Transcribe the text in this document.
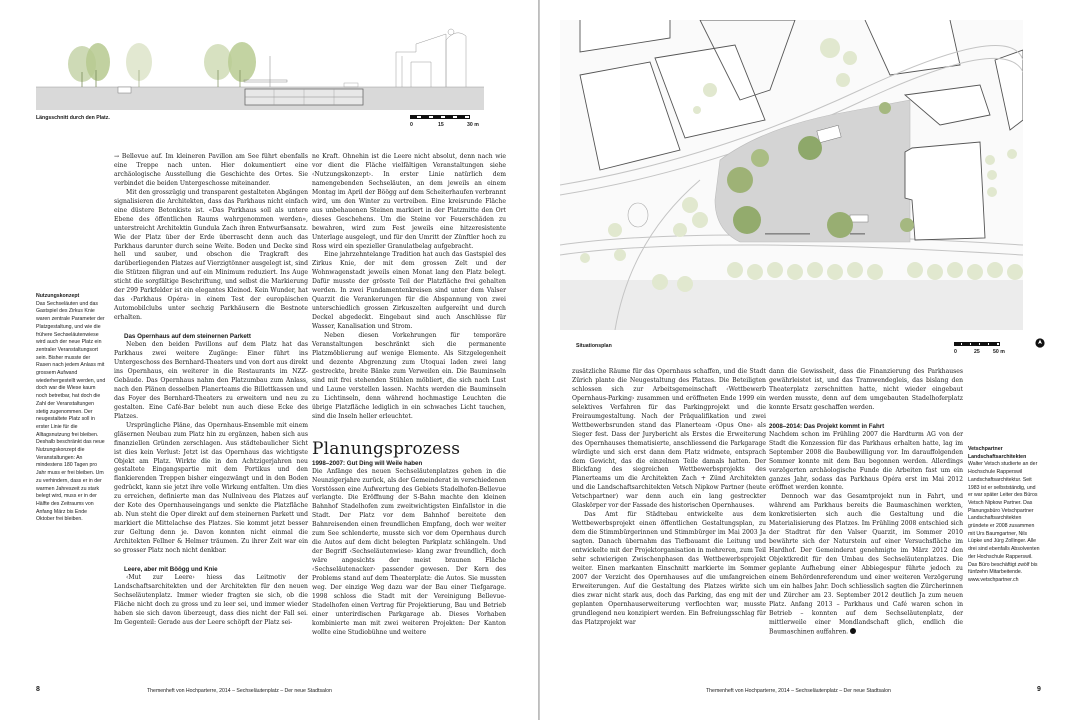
Längsschnitt durch den Platz.
0	15	30 m
Nutzungskonzept
Das Sechseläuten und das Gastspiel des Zirkus Knie waren zentrale Parameter der Platzgestaltung, und wie die frühere Sechseläutenwiese wird auch der neue Platz ein zentraler Veranstaltungsort sein. Bisher musste der Rasen nach jedem Anlass mit grossem Aufwand wiederhergestellt werden, und doch war die Wiese kaum noch betretbar, hat doch die Zahl der Veranstaltungen stetig zugenommen. Der neugestaltete Platz soll in erster Linie für die Alltagsnutzung frei bleiben. Deshalb beschränkt das neue Nutzungskonzept die Veranstaltungen: An mindestens 180 Tagen pro Jahr muss er frei bleiben. Um zu verhindern, dass er in der warmen Jahreszeit zu stark belegt wird, muss er in der Hälfte des Zeitraums von Anfang März bis Ende Oktober frei bleiben.

→ Bellevue auf. Im kleineren Pavillon am See führt ebenfalls eine Treppe nach unten. Hier dokumentiert eine archäologische Ausstellung die Geschichte des Ortes. Sie verbindet die beiden Untergeschosse miteinander.

Mit den grosszügig und transparent gestalteten Abgängen signalisieren die Architekten, dass das Parkhaus nicht einfach eine düstere Betonkiste ist. «Das Parkhaus soll als untere Ebene des öffentlichen Raums wahrgenommen werden», unterstreicht Architektin Gundula Zach ihren Entwurfsansatz. Wie der Platz über der Erde überrascht denn auch das Parkhaus darunter durch seine Weite. Boden und Decke sind hell und sauber, und obschon die Tragkraft des darüberliegenden Platzes auf Vierzigtönner ausgelegt ist, sind die Stützen filigran und auf ein Minimum reduziert. Ins Auge sticht die sorgfältige Beschriftung, und selbst die Markierung der 299 Parkfelder ist ein elegantes Kleinod. Kein Wunder, hat das ‹Parkhaus Opéra› in einem Test der europäischen Automobilclubs unter sechzig Parkhäusern die Bestnote erhalten.

Das Opernhaus auf dem steinernen Parkett

Neben den beiden Pavillons auf dem Platz hat das Parkhaus zwei weitere Zugänge: Einer führt ins Untergeschoss des Bernhard-Theaters und von dort aus direkt ins Opernhaus, ein weiterer in die Restaurants im NZZ-Gebäude. Das Opernhaus nahm den Platzumbau zum Anlass, nach den Plänen desselben Planerteams die Billettkassen und das Foyer des Bernhard-Theaters zu erweitern und neu zu gestalten. Eine Café-Bar belebt nun auch diese Ecke des Platzes.

Ursprüngliche Pläne, das Opernhaus-Ensemble mit einem gläsernen Neubau zum Platz hin zu ergänzen, haben sich aus finanziellen Gründen zerschlagen. Aus städtebaulicher Sicht ist dies kein Verlust: Jetzt ist das Opernhaus das wichtigste Objekt am Platz. Wirkte die in den Achtzigerjahren neu gestaltete Eingangspartie mit dem Portikus und den flankierenden Treppen bisher eingezwängt und in den Boden gedrückt, kann sie jetzt ihre volle Wirkung entfalten. Um dies zu erreichen, definierte man das Nullniveau des Platzes auf der Kote des Opernhauseingangs und senkte die Platzfläche ab. Nun steht die Oper direkt auf dem steinernen Parkett und markiert die Mittelachse des Platzes. Sie kommt jetzt besser zur Geltung denn je. Davon konnten nicht einmal die Architekten Fellner & Helmer träumen. Zu ihrer Zeit war ein so grosser Platz noch nicht denkbar.

Leere, aber mit Böögg und Knie

‹Mut zur Leere› hiess das Leitmotiv der Landschaftsarchitekten und der Architekten für den neuen Sechseläutenplatz. Immer wieder fragten sie sich, ob die Fläche nicht doch zu gross und zu leer sei, und immer wieder haben sie sich davon überzeugt, dass dies nicht der Fall sei. Im Gegenteil: Gerade aus der Leere schöpft der Platz sei-

ne Kraft. Ohnehin ist die Leere nicht absolut, denn nach wie vor dient die Fläche vielfältigen Veranstaltungen siehe ‹Nutzungskonzept›. In erster Linie natürlich dem namengebenden Sechseläuten, an dem jeweils an einem Montag im April der Böögg auf dem Scheiterhaufen verbrannt wird, um den Winter zu vertreiben. Eine kreisrunde Fläche aus unbehauenen Steinen markiert in der Platzmitte den Ort dieses Geschehens. Um die Steine vor Feuerschäden zu bewahren, wird zum Fest jeweils eine hitzeresistente Unterlage ausgelegt, und für den Umritt der Zünftler hoch zu Ross wird ein spezieller Granulatbelag aufgebracht.

Eine jahrzehntelange Tradition hat auch das Gastspiel des Zirkus Knie, der mit dem grossen Zelt und der Wohnwagenstadt jeweils einen Monat lang den Platz belegt. Dafür musste der grösste Teil der Platzfläche frei gehalten werden. In zwei Fundamentenkreisen sind unter dem Valser Quarzit die Verankerungen für die Abspannung von zwei unterschiedlich grossen Zirkuszelten aufgereiht und durch Deckel abgedeckt. Eingebaut sind auch Anschlüsse für Wasser, Kanalisation und Strom.

Neben diesen Vorkehrungen für temporäre Veranstaltungen beschränkt sich die permanente Platzmöblierung auf wenige Elemente. Als Sitzgelegenheit und dezente Abgrenzung zum Utoquai laden zwei lang gestreckte, breite Bänke zum Verweilen ein. Die Bauminseln sind mit frei stehenden Stühlen möbliert, die sich nach Lust und Laune verstellen lassen. Nachts werden die Bauminseln zu Lichtinseln, denn während hochmastige Leuchten die übrige Platzfläche lediglich in ein schwaches Licht tauchen, sind die Inseln heller erleuchtet.

Planungsprozess
1998–2007: Gut Ding will Weile haben

Die Anfänge des neuen Sechseläutenplatzes gehen in die Neunzigerjahre zurück, als der Gemeinderat in verschiedenen Vorstössen eine Aufwertung des Gebiets Stadelhofen-Bellevue verlangte. Die Eröffnung der S-Bahn machte den kleinen Bahnhof Stadelhofen zum zweitwichtigsten Einfallstor in die Stadt. Der Platz vor dem Bahnhof bereitete den Bahnreisenden einen freundlichen Empfang, doch wer weiter zum See schlenderte, musste sich vor dem Opernhaus durch die Autos auf dem dicht belegten Parkplatz schlängeln. Und der Begriff ‹Sechseläutenwiese› klang zwar freundlich, doch wäre angesichts der meist braunen Fläche ‹Sechseläutenacker› passender gewesen. Der Kern des Problems stand auf dem Theaterplatz: die Autos. Sie mussten weg. Der einzige Weg dazu war der Bau einer Tiefgarage. 1998 schloss die Stadt mit der Vereinigung Bellevue-Stadelhofen einen Vertrag für Projektierung, Bau und Betrieb einer unterirdischen Parkgarage ab. Dieses Vorhaben kombinierte man mit zwei weiteren Projekten: Der Kanton wollte eine Studiobühne und weitere

8	Themenheft von Hochparterre, 2014 – Sechseläutenplatz – Der neue Stadtsalon
Situationsplan
0	25	50 m

zusätzliche Räume für das Opernhaus schaffen, und die Stadt Zürich plante die Neugestaltung des Platzes. Die Beteiligten schlossen sich zur Arbeitsgemeinschaft ‹Wettbewerb Opernhaus-Parking› zusammen und eröffneten Ende 1999 ein selektives Verfahren für das Parkingprojekt und die Freiraumgestaltung. Nach der Präqualifikation und zwei Wettbewerbsrunden stand das Planerteam ‹Opus One› als Sieger fest. Dass der Jurybericht als Erstes die Erweiterung des Opernhauses thematisierte, anschliessend die Parkgarage würdigte und sich erst dann dem Platz widmete, entsprach dem Gewicht, das die einzelnen Teile damals hatten. Der Blickfang des siegreichen Wettbewerbsprojekts des Planerteams um die Architekten Zach + Zünd Architekten und die Landschaftsarchitekten Vetsch Nipkow Partner (heute Vetschpartner) war denn auch ein lang gestreckter Glaskörper vor der Fassade des historischen Opernhauses.

Das Amt für Städtebau entwickelte aus dem Wettbewerbsprojekt einen öffentlichen Gestaltungsplan, zu dem die Stimmbürgerinnen und Stimmbürger im Mai 2003 Ja sagten. Danach übernahm das Tiefbauamt die Leitung und entwickelte mit der Projektorganisation in mehreren, zum Teil sehr schwierigen Zwischenphasen das Wettbewerbsprojekt weiter. Einen markanten Einschnitt markierte im Sommer 2007 der Verzicht des Opernhauses auf die umfangreichen Erweiterungen. Auf die Gestaltung des Platzes wirkte sich dies zwar nicht stark aus, doch das Parking, das eng mit der geplanten Opernhauserweiterung verflochten war, musste grundlegend neu konzipiert werden. Ein Befreiungsschlag für das Platzprojekt war

dann die Gewissheit, dass die Finanzierung des Parkhauses gewährleistet ist, und das Tramwendegleis, das bislang den Theaterplatz zerschnitten hatte, nicht wieder eingebaut werden musste, denn auf dem umgebauten Stadelhoferplatz konnte Ersatz geschaffen werden.

2008–2014: Das Projekt kommt in Fahrt

Nachdem schon im Frühling 2007 die Hardturm AG von der Stadt die Konzession für das Parkhaus erhalten hatte, lag im September 2008 die Baubewilligung vor. Im darauffolgenden Sommer konnte mit dem Bau begonnen werden. Allerdings verzögerten archäologische Funde die Arbeiten fast um ein ganzes Jahr, sodass das Parkhaus Opéra erst im Mai 2012 eröffnet werden konnte.

Dennoch war das Gesamtprojekt nun in Fahrt, und während am Parkhaus bereits die Baumaschinen werkten, konkretisierten sich auch die Gestaltung und die Materialisierung des Platzes. Im Frühling 2008 entschied sich der Stadtrat für den Valser Quarzit, im Sommer 2010 bewährte sich der Naturstein auf einer Versuchsfläche im Hardhof. Der Gemeinderat genehmigte im März 2012 den Objektkredit für den Umbau des Sechseläutenplatzes. Die geplante Aufhebung einer Abbiegespur führte jedoch zu einem Behördenreferendum und einer weiteren Verzögerung um ein halbes Jahr. Doch schliesslich sagten die Zürcherinnen und Zürcher am 23. September 2012 deutlich Ja zum neuen Platz. Anfang 2013 – Parkhaus und Café waren schon in Betrieb – konnten auf dem Sechseläutenplatz, der mittlerweile einer Mondlandschaft glich, endlich die Baumaschinen auffahren.

Vetschpartner Landschaftsarchitekten
Walter Vetsch studierte an der Hochschule Rapperswil Landschaftsarchitektur. Seit 1983 ist er selbstständig, und er war später Leiter des Büros Vetsch Nipkow Partner. Das Planungsbüro Vetschpartner Landschaftsarchitekten gründete er 2008 zusammen mit Urs Baumgartner, Nils Lüpke und Jürg Zollinger. Alle drei sind ebenfalls Absolventen der Hochschule Rapperswil. Das Büro beschäftigt zwölf bis fünfzehn Mitarbeitende.
www.vetschpartner.ch
Themenheft von Hochparterre, 2014 – Sechseläutenplatz – Der neue Stadtsalon	9
